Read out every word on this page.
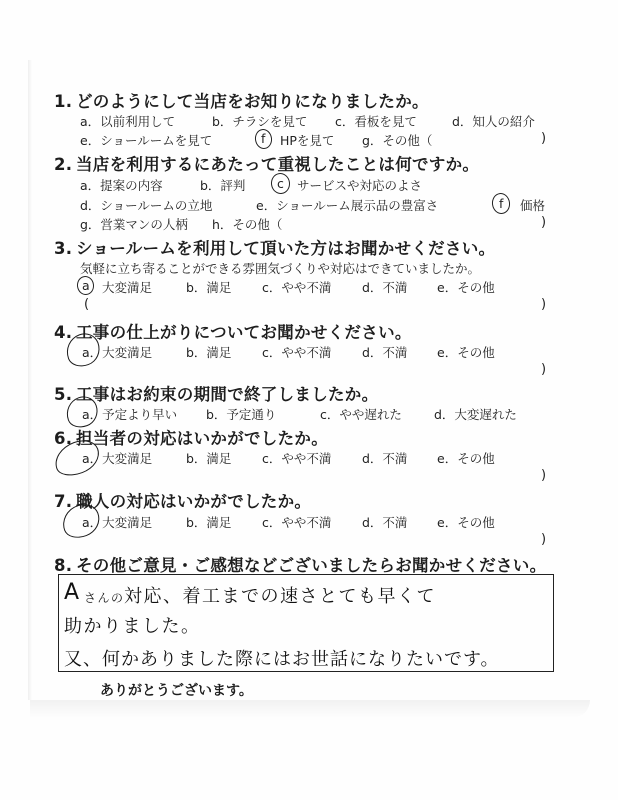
1. どのようにして当店をお知りになりましたか。
a．以前利用して	b．チラシを見て c．看板を見て	d．知人の紹介
e．ショールームを見て	f HPを見て g．その他（	)
2. 当店を利用するにあたって重視したことは何ですか。
a．提案の内容	b．評判	c サービスや対応のよさ
d．ショールームの立地	e．ショールーム展示品の豊富さ	f 価格
g．営業マンの人柄 h．その他（	)
3. ショールームを利用して頂いた方はお聞かせください。
気軽に立ち寄ることができる雰囲気づくりや対応はできていましたか。
a 大変満足	b．満足 c．やや不満 d．不満 e．その他
(	)
4. 工事の仕上がりについてお聞かせください。
a．大変満足	b．満足 c．やや不満 d．不満 e．その他
)
5. 工事はお約束の期間で終了しましたか。
a．予定より早い b．予定通り	c．やや遅れた	d．大変遅れた
6. 担当者の対応はいかがでしたか。
a．大変満足	b．満足 c．やや不満 d．不満 e．その他
)
7. 職人の対応はいかがでしたか。
a．大変満足	b．満足 c．やや不満 d．不満 e．その他
)
8. その他ご意見・ご感想などございましたらお聞かせください。
A さんの 対応、着工までの速さとても早くて
助かりました。
又、何かありました際にはお世話になりたいです。
ありがとうございます。
